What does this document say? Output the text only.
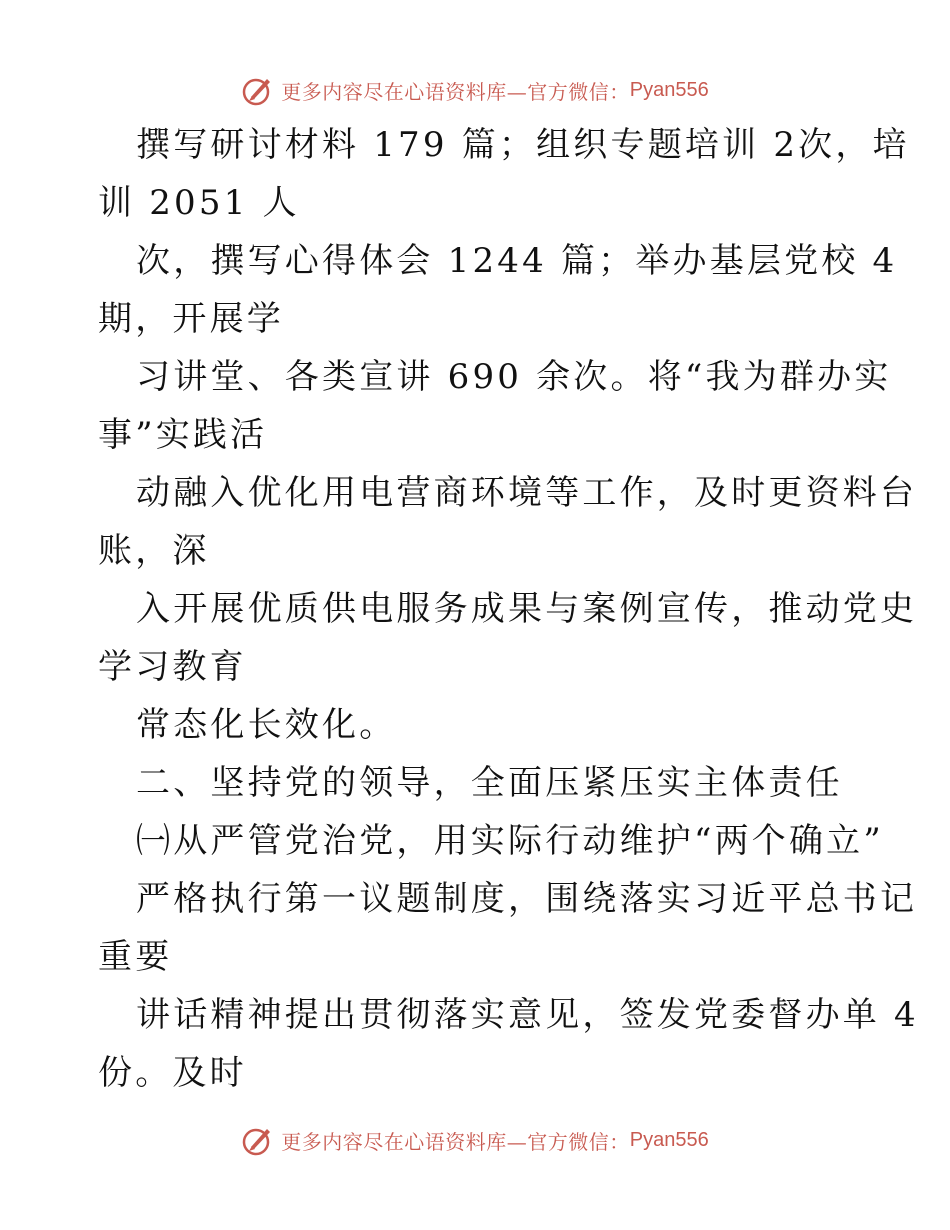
更多内容尽在心语资料库—官方微信： Pyan556
撰写研讨材料 179 篇；组织专题培训 2次，培
训 2051 人
次，撰写心得体会 1244 篇；举办基层党校 4
期，开展学
习讲堂、各类宣讲 690 余次。将“我为群办实
事”实践活
动融入优化用电营商环境等工作，及时更资料台
账，深
入开展优质供电服务成果与案例宣传，推动党史
学习教育
常态化长效化。
二、坚持党的领导，全面压紧压实主体责任
㈠从严管党治党，用实际行动维护“两个确立”
严格执行第一议题制度，围绕落实习近平总书记
重要
讲话精神提出贯彻落实意见，签发党委督办单 4
份。及时
更多内容尽在心语资料库—官方微信： Pyan556
